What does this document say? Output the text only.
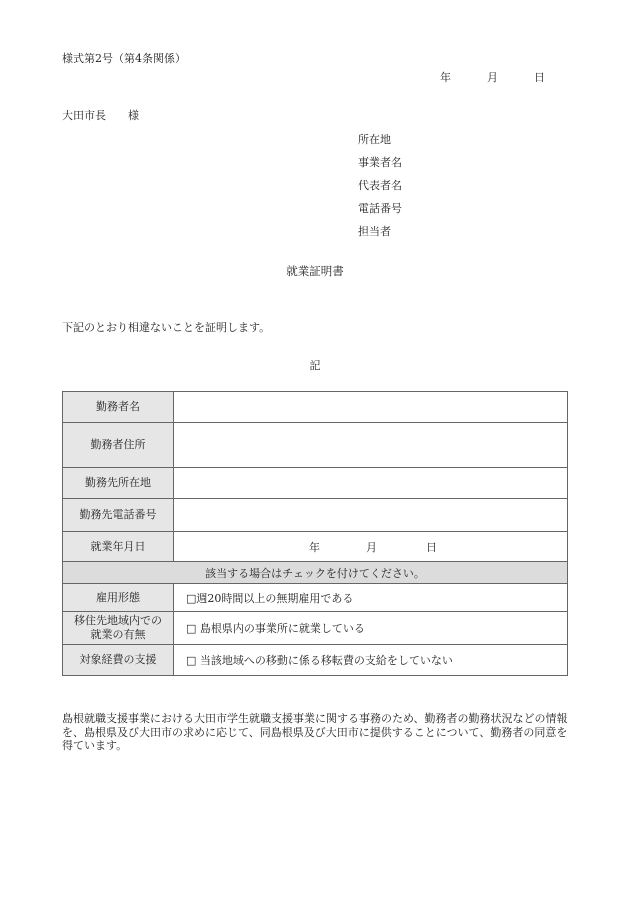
様式第2号（第4条関係）
年	月	日
大田市長　　様
所在地
事業者名
代表者名
電話番号
担当者
就業証明書
下記のとおり相違ないことを証明します。
記
勤務者名	
勤務者住所	
勤務先所在地	
勤務先電話番号	
就業年月日	年 月 日

該当する場合はチェックを付けてください。	
雇用形態	□週20時間以上の無期雇用である

移住先地域内での
就業の有無	□ 島根県内の事業所に就業している
対象経費の支援	□ 当該地域への移動に係る移転費の支給をしていない
島根就職支援事業における大田市学生就職支援事業に関する事務のため、勤務者の勤務状況などの情報を、島根県及び大田市の求めに応じて、同島根県及び大田市に提供することについて、勤務者の同意を得ています。
